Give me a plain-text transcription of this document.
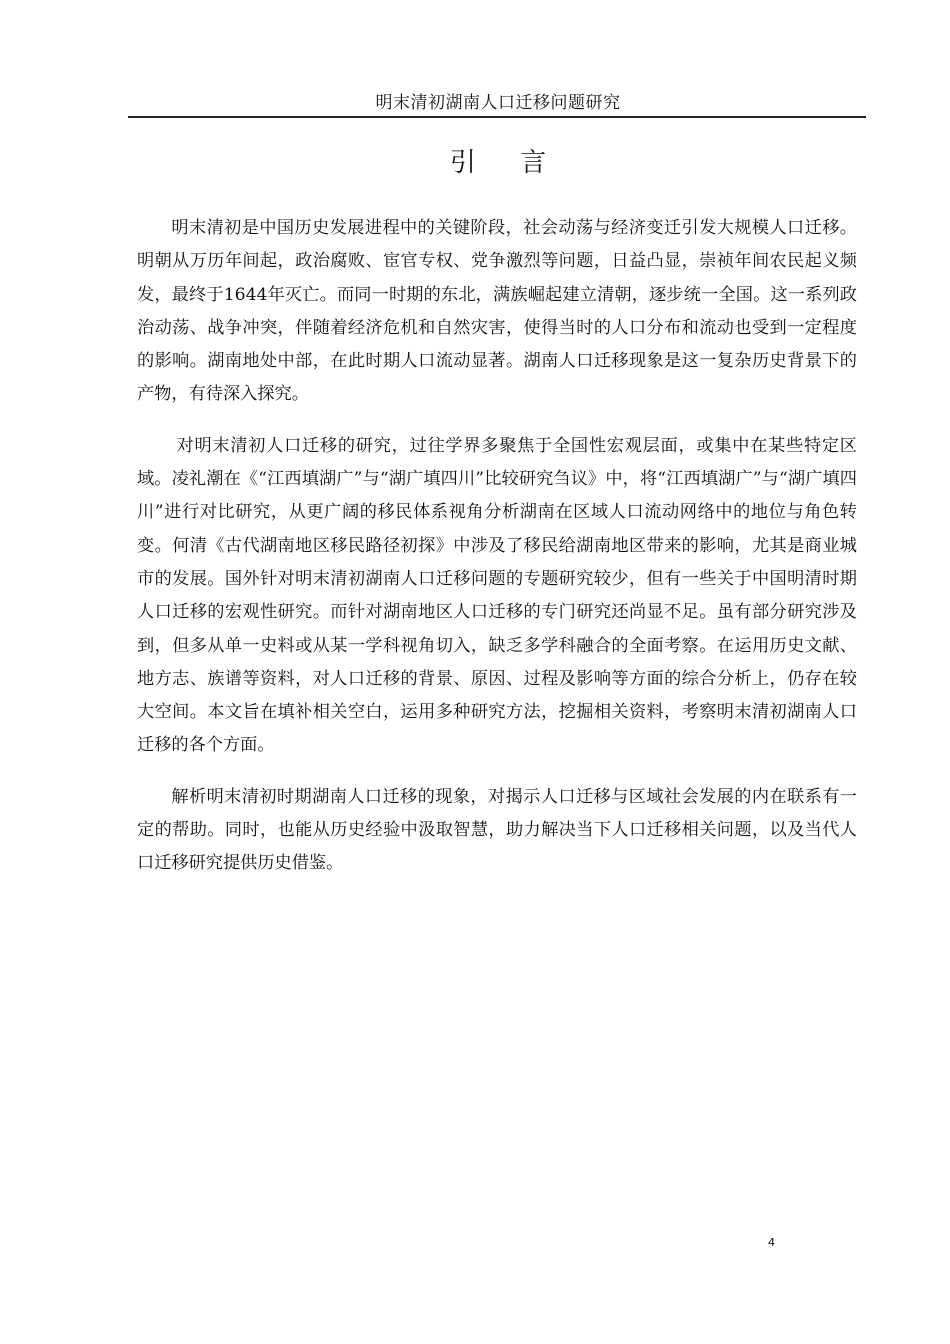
明末清初湖南人口迁移问题研究
引 言

明末清初是中国历史发展进程中的关键阶段，社会动荡与经济变迁引发大规模人口迁移。明朝从万历年间起，政治腐败、宦官专权、党争激烈等问题，日益凸显，崇祯年间农民起义频发，最终于1644年灭亡。而同一时期的东北，满族崛起建立清朝，逐步统一全国。这一系列政治动荡、战争冲突，伴随着经济危机和自然灾害，使得当时的人口分布和流动也受到一定程度的影响。湖南地处中部，在此时期人口流动显著。湖南人口迁移现象是这一复杂历史背景下的产物，有待深入探究。

对明末清初人口迁移的研究，过往学界多聚焦于全国性宏观层面，或集中在某些特定区域。凌礼潮在《“江西填湖广”与“湖广填四川”比较研究刍议》中，将“江西填湖广”与“湖广填四川”进行对比研究，从更广阔的移民体系视角分析湖南在区域人口流动网络中的地位与角色转变。何清《古代湖南地区移民路径初探》中涉及了移民给湖南地区带来的影响，尤其是商业城市的发展。国外针对明末清初湖南人口迁移问题的专题研究较少，但有一些关于中国明清时期人口迁移的宏观性研究。而针对湖南地区人口迁移的专门研究还尚显不足。虽有部分研究涉及到，但多从单一史料或从某一学科视角切入，缺乏多学科融合的全面考察。在运用历史文献、地方志、族谱等资料，对人口迁移的背景、原因、过程及影响等方面的综合分析上，仍存在较大空间。本文旨在填补相关空白，运用多种研究方法，挖掘相关资料，考察明末清初湖南人口迁移的各个方面。

解析明末清初时期湖南人口迁移的现象，对揭示人口迁移与区域社会发展的内在联系有一定的帮助。同时，也能从历史经验中汲取智慧，助力解决当下人口迁移相关问题，以及当代人口迁移研究提供历史借鉴。

4
